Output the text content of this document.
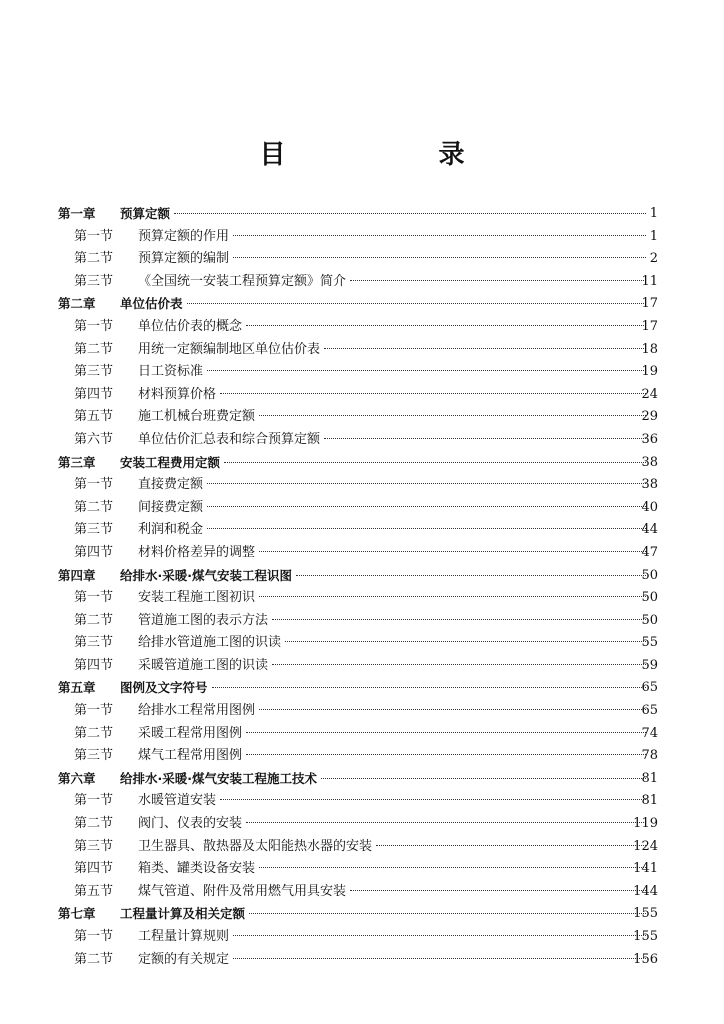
目 录
第一章	预算定额	1
第一节	预算定额的作用	1
第二节	预算定额的编制	2
第三节	《全国统一安装工程预算定额》简介	11
第二章	单位估价表	17
第一节	单位估价表的概念	17
第二节	用统一定额编制地区单位估价表	18
第三节	日工资标准	19
第四节	材料预算价格	24
第五节	施工机械台班费定额	29
第六节	单位估价汇总表和综合预算定额	36
第三章	安装工程费用定额	38
第一节	直接费定额	38
第二节	间接费定额	40
第三节	利润和税金	44
第四节	材料价格差异的调整	47
第四章	给排水·采暖·煤气安装工程识图	50
第一节	安装工程施工图初识	50
第二节	管道施工图的表示方法	50
第三节	给排水管道施工图的识读	55
第四节	采暖管道施工图的识读	59
第五章	图例及文字符号	65
第一节	给排水工程常用图例	65
第二节	采暖工程常用图例	74
第三节	煤气工程常用图例	78
第六章	给排水·采暖·煤气安装工程施工技术	81
第一节	水暖管道安装	81
第二节	阀门、仪表的安装	119
第三节	卫生器具、散热器及太阳能热水器的安装	124
第四节	箱类、罐类设备安装	141
第五节	煤气管道、附件及常用燃气用具安装	144
第七章	工程量计算及相关定额	155
第一节	工程量计算规则	155
第二节	定额的有关规定	156
